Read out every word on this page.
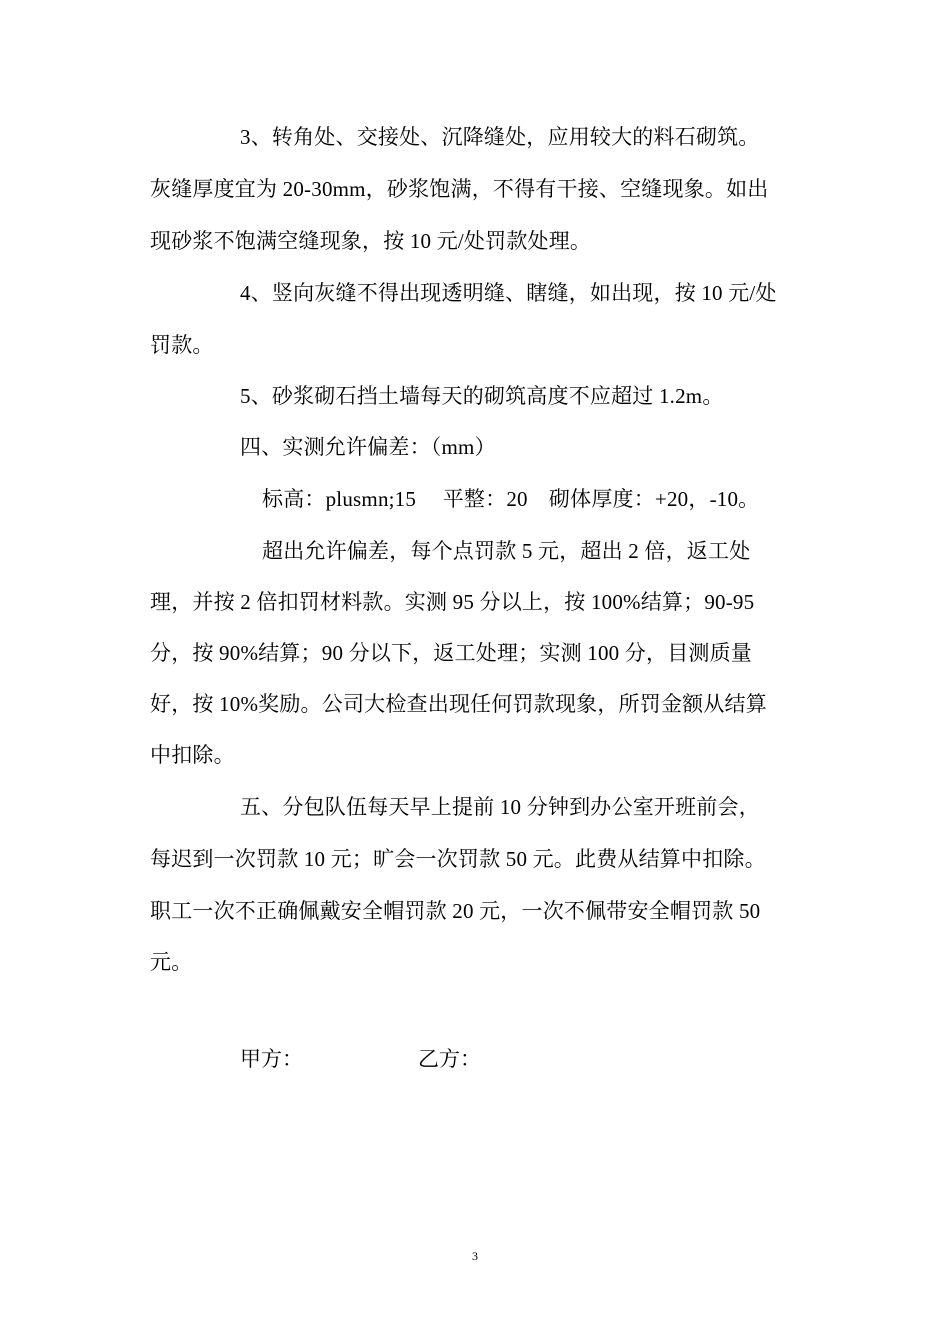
3、转角处、交接处、沉降缝处，应用较大的料石砌筑。
灰缝厚度宜为 20-30mm，砂浆饱满，不得有干接、空缝现象。如出
现砂浆不饱满空缝现象，按 10 元/处罚款处理。
4、竖向灰缝不得出现透明缝、瞎缝，如出现，按 10 元/处
罚款。
5、砂浆砌石挡土墙每天的砌筑高度不应超过 1.2m。
四、实测允许偏差：（mm）
标高：plusmn;15　 平整：20　砌体厚度：+20，-10。
超出允许偏差，每个点罚款 5 元，超出 2 倍，返工处
理，并按 2 倍扣罚材料款。实测 95 分以上，按 100%结算；90-95
分，按 90%结算；90 分以下，返工处理；实测 100 分，目测质量
好，按 10%奖励。公司大检查出现任何罚款现象，所罚金额从结算
中扣除。
五、分包队伍每天早上提前 10 分钟到办公室开班前会，
每迟到一次罚款 10 元；旷会一次罚款 50 元。此费从结算中扣除。
职工一次不正确佩戴安全帽罚款 20 元，一次不佩带安全帽罚款 50
元。
甲方：	乙方：
3
